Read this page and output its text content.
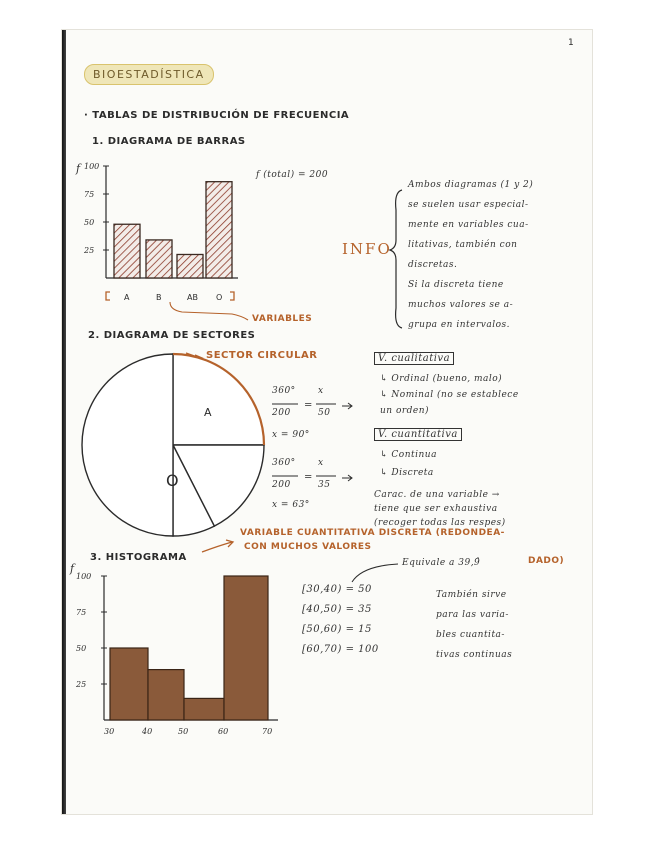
1
BIOESTADÍSTICA
· TABLAS DE DISTRIBUCIÓN DE FRECUENCIA
1. DIAGRAMA DE BARRAS
100
75
50
25
A	B	AB O
f	f (total) = 200
VARIABLES
INFO
Ambos diagramas (1 y 2)
se suelen usar especial-
mente en variables cua-
litativas, también con
discretas.
Si la discreta tiene
muchos valores se a-
grupa en intervalos.
2. DIAGRAMA DE SECTORES
SECTOR CIRCULAR
A
O
360°
200
x
50
x = 90°
360°
200
x
35
x = 63°
=
=
V. cualitativa
↳ Ordinal (bueno, malo)
↳ Nominal (no se establece
un orden)
V. cuantitativa
↳ Continua
↳ Discreta
Carac. de una variable →
tiene que ser exhaustiva
(recoger todas las respes)
3. HISTOGRAMA
VARIABLE CUANTITATIVA DISCRETA (REDONDEA-
CON MUCHOS VALORES
DADO)
100
75
50
25
30	40	50	60	70
f	Equivale a 39,9̂
[30,40) = 50
[40,50) = 35
[50,60) = 15
[60,70) = 100
También sirve
para las varia-
bles cuantita-
tivas continuas
